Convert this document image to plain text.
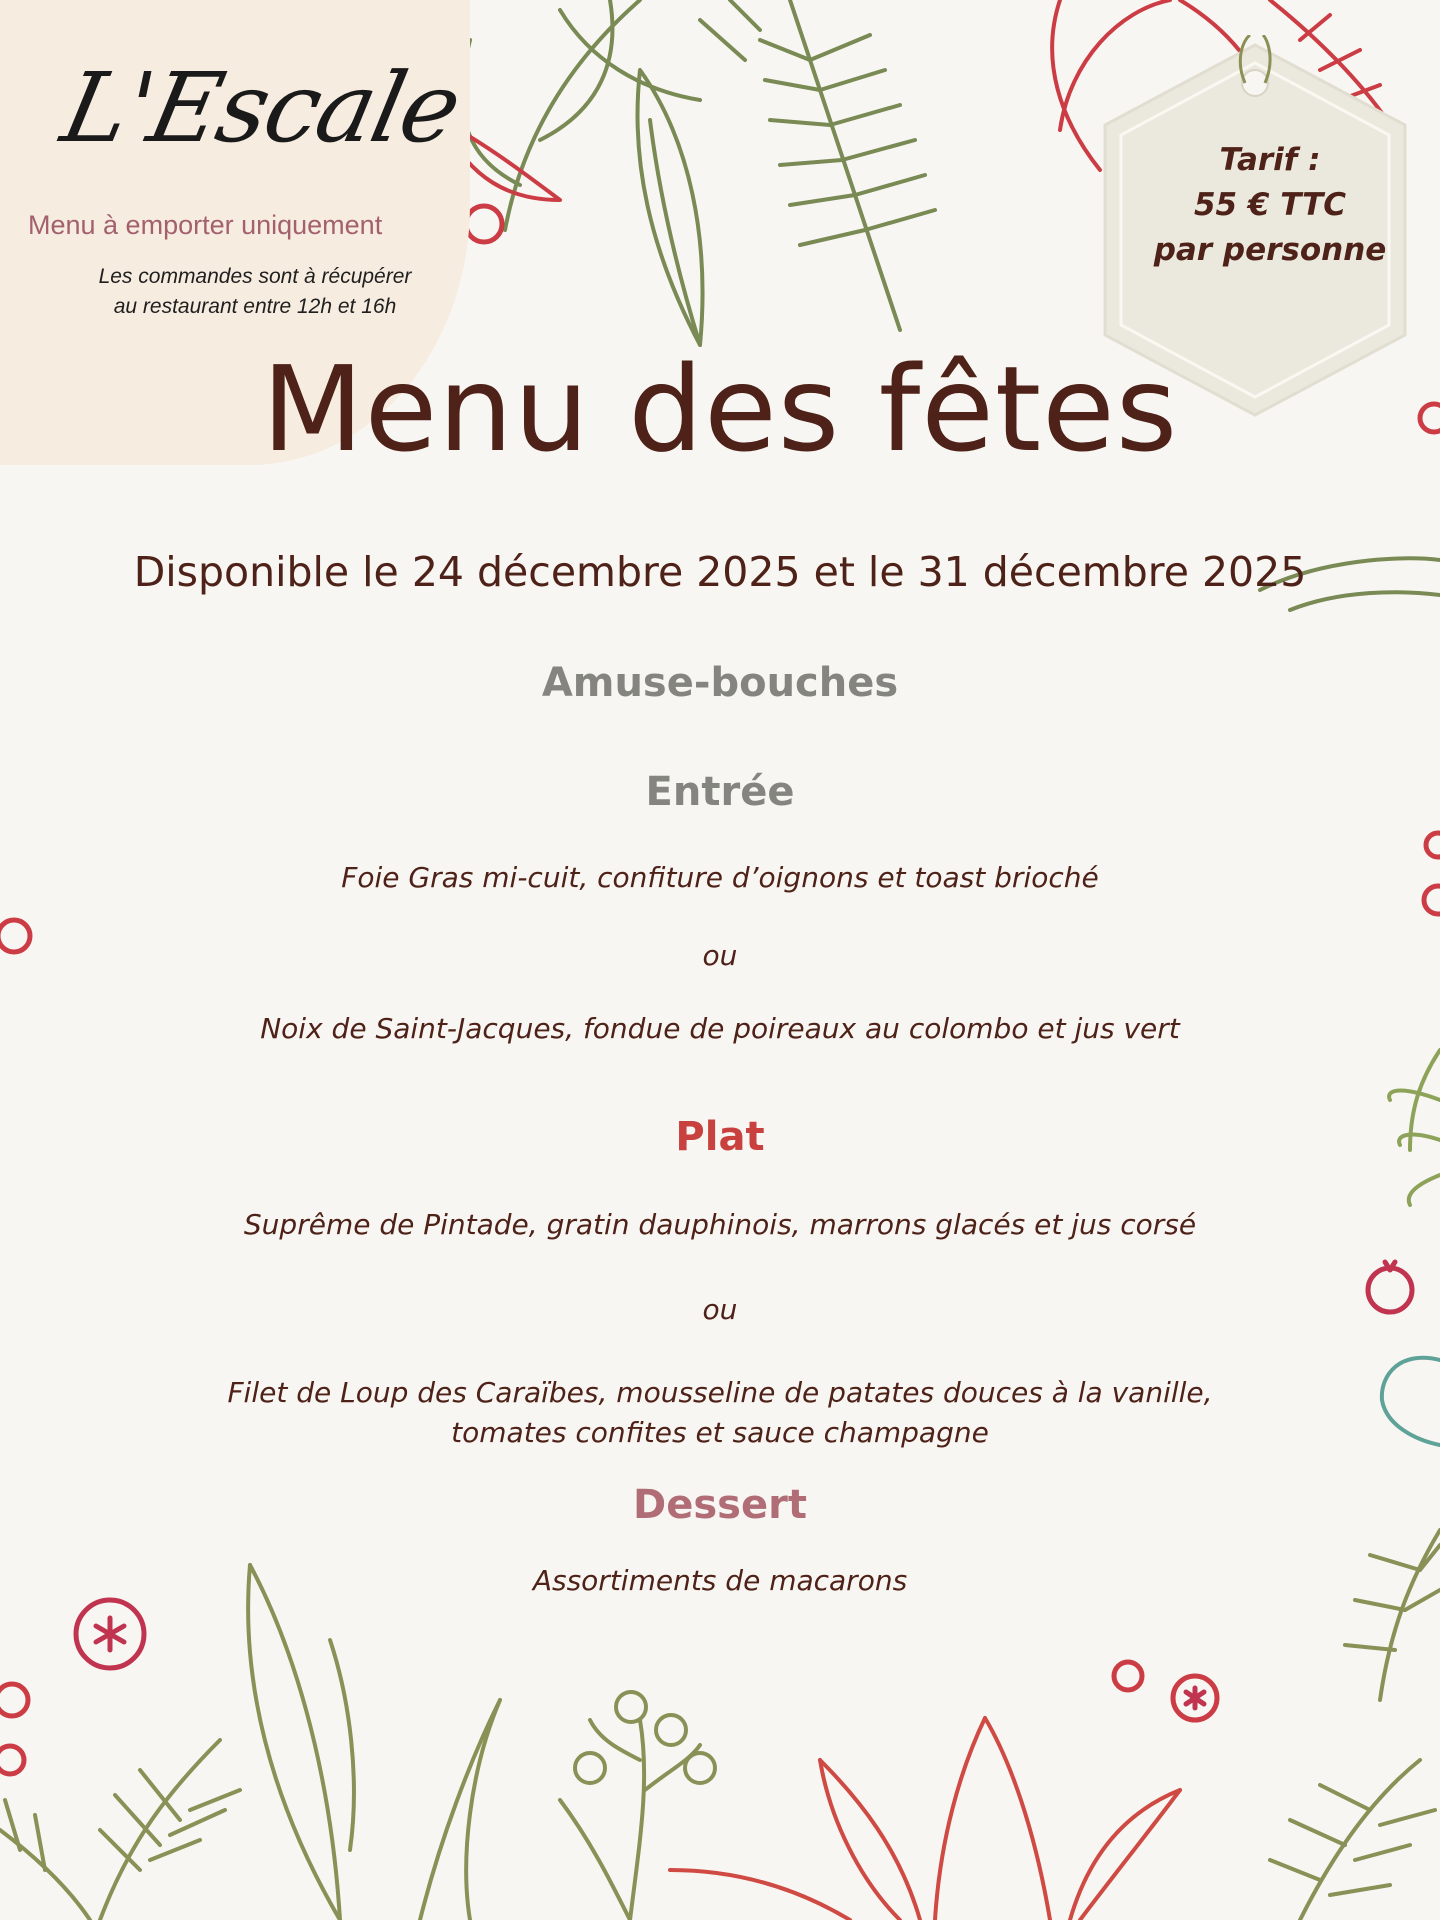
L'Escale
Menu à emporter uniquement
Les commandes sont à récupérer
au restaurant entre 12h et 16h
Tarif :
55 € TTC
par personne
Menu des fêtes
Disponible le 24 décembre 2025 et le 31 décembre 2025
Amuse-bouches
Entrée
Foie Gras mi-cuit, confiture d’oignons et toast brioché
ou
Noix de Saint-Jacques, fondue de poireaux au colombo et jus vert
Plat
Suprême de Pintade, gratin dauphinois, marrons glacés et jus corsé
ou
Filet de Loup des Caraïbes, mousseline de patates douces à la vanille,
tomates confites et sauce champagne
Dessert
Assortiments de macarons
